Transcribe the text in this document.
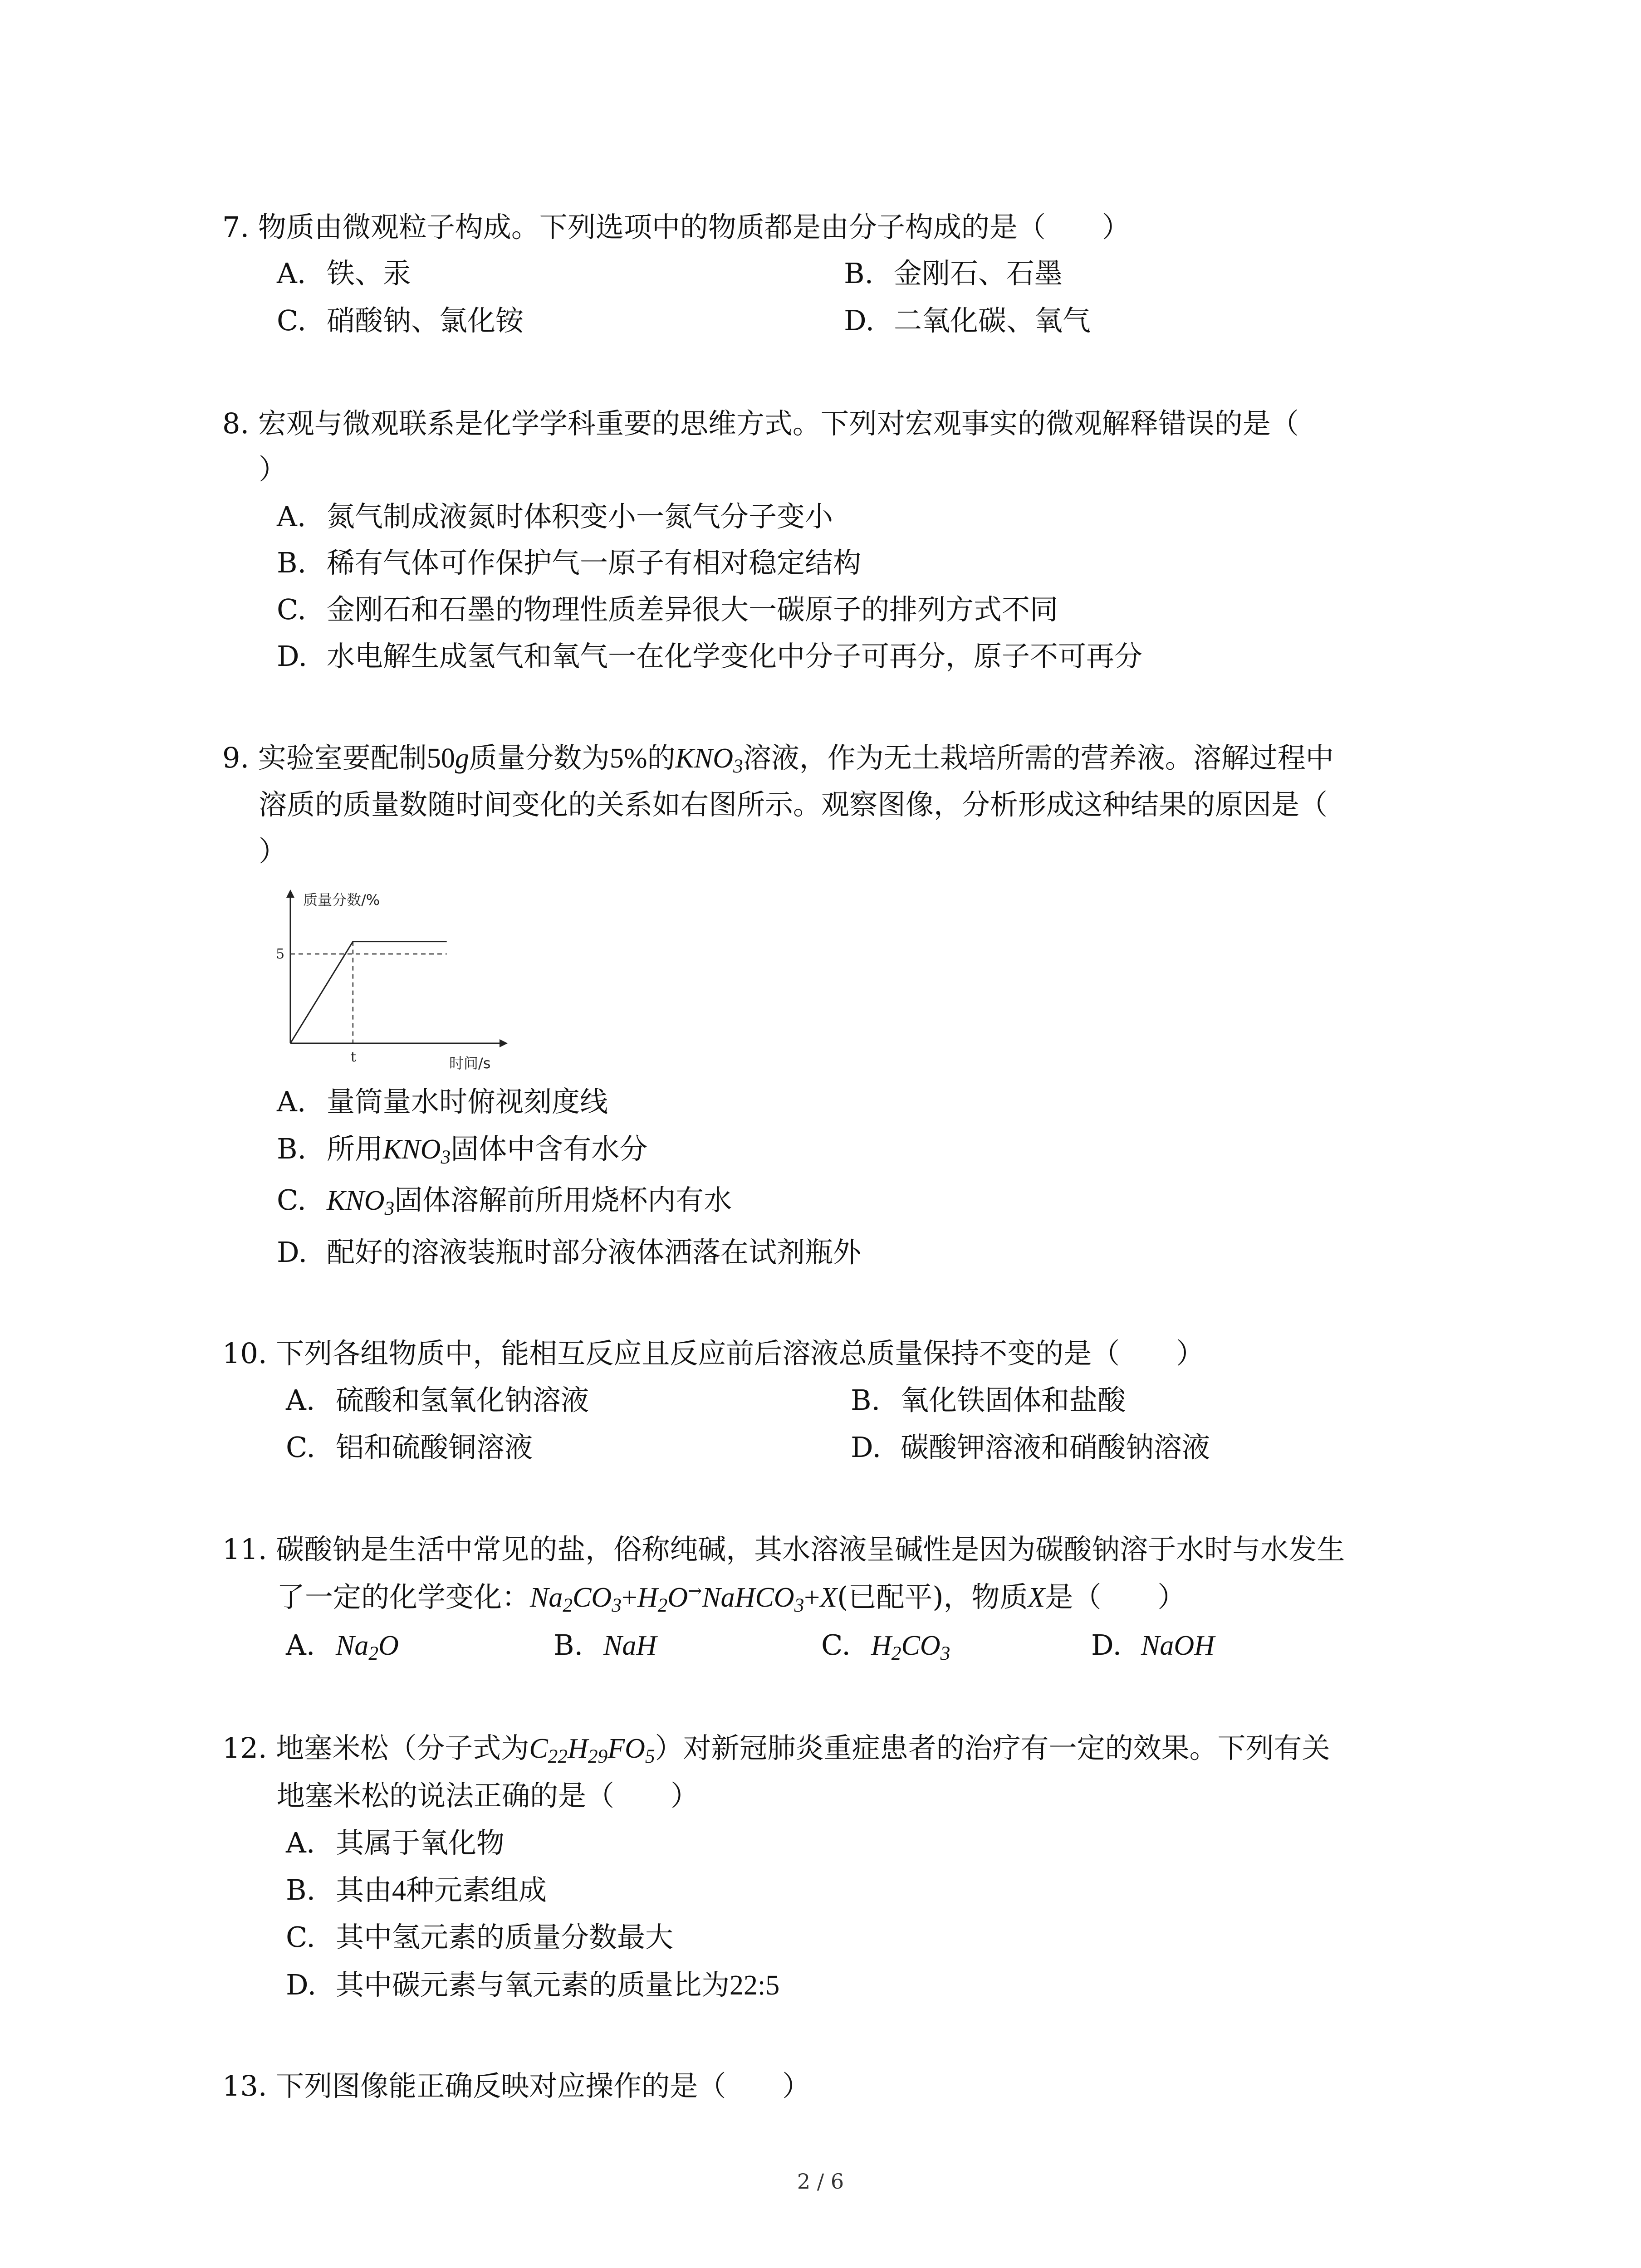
7. 物质由微观粒子构成。下列选项中的物质都是由分子构成的是（　　）
A. 铁、汞	B. 金刚石、石墨
C. 硝酸钠、氯化铵	D. 二氧化碳、氧气
8. 宏观与微观联系是化学学科重要的思维方式。下列对宏观事实的微观解释错误的是（
）
A. 氮气制成液氮时体积变小一氮气分子变小
B. 稀有气体可作保护气一原子有相对稳定结构
C. 金刚石和石墨的物理性质差异很大一碳原子的排列方式不同
D. 水电解生成氢气和氧气一在化学变化中分子可再分，原子不可再分
9. 实验室要配制50g质量分数为5%的$KNO_3$溶液，作为无土栽培所需的营养液。溶解过程中
溶质的质量数随时间变化的关系如右图所示。观察图像，分析形成这种结果的原因是（
）
质量分数/%
时间/s
5
t
A. 量筒量水时俯视刻度线
B. 所用$KNO_3$固体中含有水分
C. $KNO_3$固体溶解前所用烧杯内有水
D. 配好的溶液装瓶时部分液体洒落在试剂瓶外
10. 下列各组物质中，能相互反应且反应前后溶液总质量保持不变的是（　　）
A. 硫酸和氢氧化钠溶液	B. 氧化铁固体和盐酸
C. 铝和硫酸铜溶液	D. 碳酸钾溶液和硝酸钠溶液
11. 碳酸钠是生活中常见的盐，俗称纯碱，其水溶液呈碱性是因为碳酸钠溶于水时与水发生
了一定的化学变化：$Na_2CO_3+H_2O^\to NaHCO_3+X$(已配平)，物质X是（　　）
A. $Na_2O$	B. NaH	C. $H_2CO_3$	D. NaOH
12. 地塞米松（分子式为$C_{22}H_{29}FO_5$）对新冠肺炎重症患者的治疗有一定的效果。下列有关
地塞米松的说法正确的是（　　）
A. 其属于氧化物
B. 其由4种元素组成
C. 其中氢元素的质量分数最大
D. 其中碳元素与氧元素的质量比为22:5
13. 下列图像能正确反映对应操作的是（　　）
2 / 6
